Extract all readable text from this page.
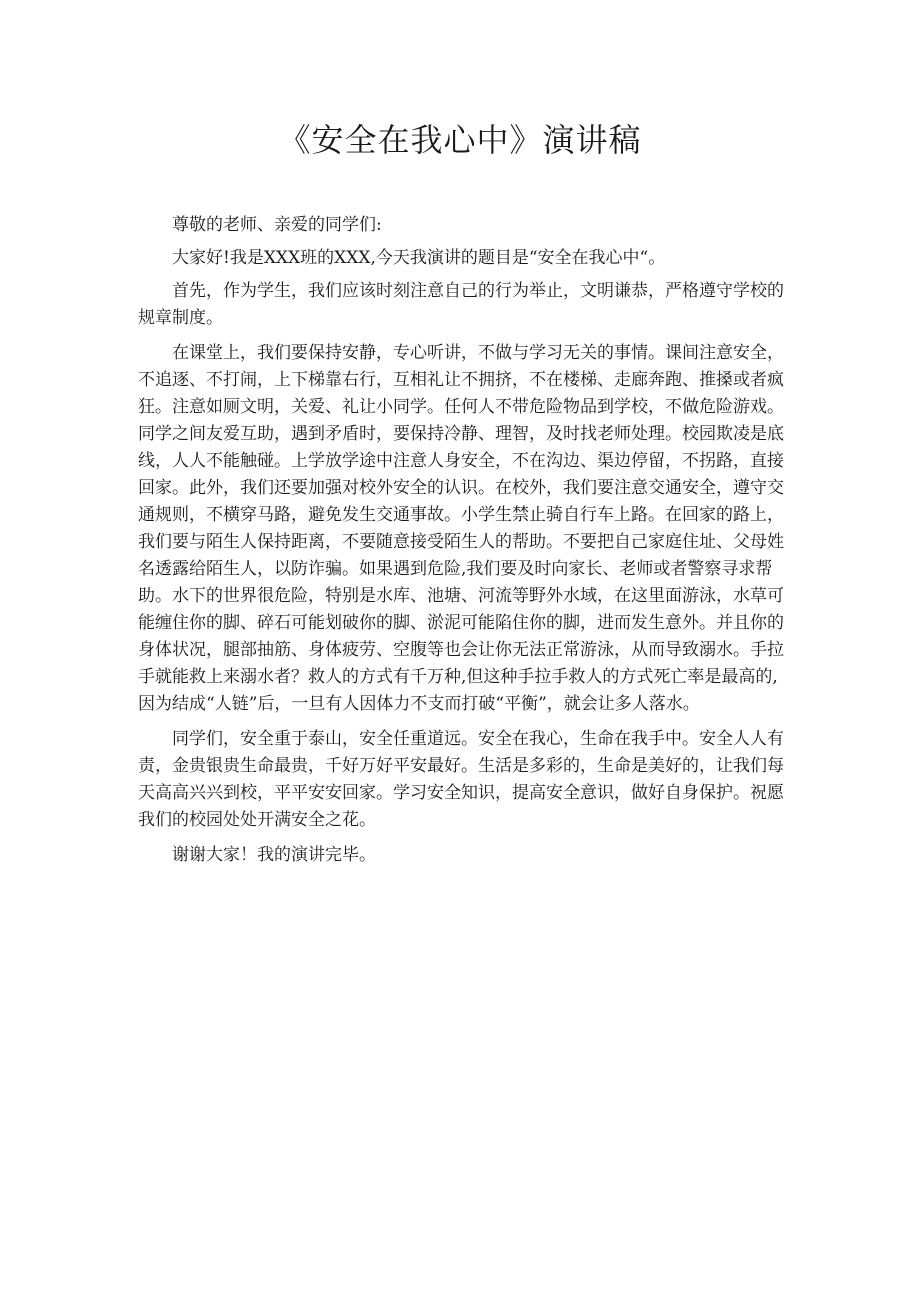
《安全在我心中》演讲稿

尊敬的老师、亲爱的同学们:

大家好!我是XXX班的XXX,今天我演讲的题目是“安全在我心中“。

首先，作为学生，我们应该时刻注意自己的行为举止，文明谦恭，严格遵守学校的规章制度。

在课堂上，我们要保持安静，专心听讲，不做与学习无关的事情。课间注意安全，不追逐、不打闹，上下梯靠右行，互相礼让不拥挤，不在楼梯、走廊奔跑、推搡或者疯狂。注意如厕文明，关爱、礼让小同学。任何人不带危险物品到学校，不做危险游戏。同学之间友爱互助，遇到矛盾时，要保持冷静、理智，及时找老师处理。校园欺凌是底线，人人不能触碰。上学放学途中注意人身安全，不在沟边、渠边停留，不拐路，直接回家。此外，我们还要加强对校外安全的认识。在校外，我们要注意交通安全，遵守交通规则，不横穿马路，避免发生交通事故。小学生禁止骑自行车上路。在回家的路上，我们要与陌生人保持距离，不要随意接受陌生人的帮助。不要把自己家庭住址、父母姓名透露给陌生人，以防诈骗。如果遇到危险,我们要及时向家长、老师或者警察寻求帮助。水下的世界很危险，特别是水库、池塘、河流等野外水域，在这里面游泳，水草可能缠住你的脚、碎石可能划破你的脚、淤泥可能陷住你的脚，进而发生意外。并且你的身体状况，腿部抽筋、身体疲劳、空腹等也会让你无法正常游泳，从而导致溺水。手拉手就能救上来溺水者？救人的方式有千万种,但这种手拉手救人的方式死亡率是最高的,因为结成“人链”后，一旦有人因体力不支而打破“平衡”，就会让多人落水。

同学们，安全重于泰山，安全任重道远。安全在我心，生命在我手中。安全人人有责，金贵银贵生命最贵，千好万好平安最好。生活是多彩的，生命是美好的，让我们每天高高兴兴到校，平平安安回家。学习安全知识，提高安全意识，做好自身保护。祝愿我们的校园处处开满安全之花。

谢谢大家！我的演讲完毕。
